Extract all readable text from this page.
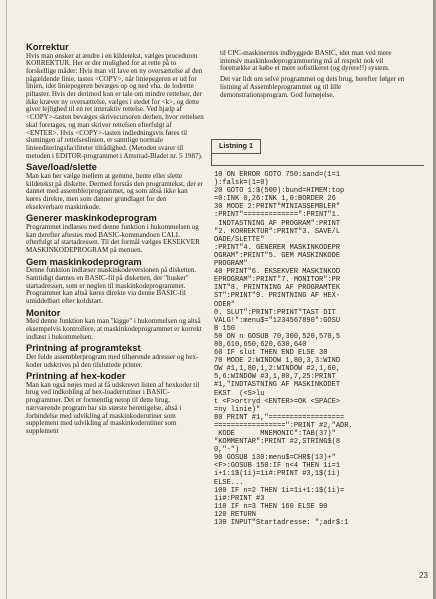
Korrektur

Hvis man ønsker at ændre i en kildetekst, vælges proceduren KORREKTUR. Her er der mulighed for at rette på to forskellige måder: Hvis man vil lave en ny oversættelse af den pågældende linie, tastes <COPY>, når liniepegeren er ud for linien, idet liniepegeren bevæges op og ned vha. de lodrette piltaster. Hvis der derimod kun er tale om mindre rettelser, der ikke kræver ny oversættelse, vælges i stedet for <k>, og dette giver lejlighed til en ret interaktiv rettelse. Ved hjælp af <COPY>-tasten bevæges skrivecursoren derhen, hvor rettelsen skal foretages, og man skriver rettelsen efterfulgt af <ENTER>. Hvis <COPY>-tasten indledningsvis føres til slutningen af rettelseslinien, er samtlige normale linieediteringsfaciliteter tilrådighed. (Metoden svarer til metoden i EDITOR-programmet i Amstrad-Bladet nr. 5 1987).

Save/load/slette

Man kan her vælge mellem at gemme, hente eller slette kildetekst på diskette. Dermed forstås den programtekst, der er dannet med assemblerprogrammet, og som altså ikke kan køres direkte, men som danner grundlaget for den eksekverbare maskinkode.

Generer maskinkodeprogram

Programmet indlæses med denne funktion i hukommelsen og kan derefter aftestes med BASIC-kommandoen CALL efterfulgt af startadressen. Til det formål vælges EKSEKVER MASKINKODEPROGRAM på menuen.

Gem maskinkodeprogram

Denne funktion indlæser maskinkodeversionen på disketten. Samtidigt dannes en BASIC-fil på disketten, der "husker" startadressen, som er nøglen til maskinkodeprogrammet. Programmet kan altså køres direkte via denne BASIC-fil umiddelbart efter koldstart.

Monitor

Med denne funktion kan man "kigge" i hukommelsen og altså eksempelvis kontrollere, at maskinkodeprogrammet er korrekt indlæst i hukommelsen.

Printning af programtekst

Det fulde assemblerprogram med tilhørende adresser og hex-koder udskrives på den tilsluttede printer.

Printning af hex-koder

Man kan også nøjes med at få udskrevet listen af hexkoder til brug ved indkobling af hex-loaderrutiner i BASIC-programmer. Det er formentlig netop til dette brug, nærværende program har sin største berettigelse, altså i forbindelse med udvikling af maskinkoderutiner som supplement med udvikling af maskinkoderutiner som supplement

til CPC-maskinernes indbyggede BASIC, idet man ved mere intensiv maskinkodeprogrammering må af respekt nok vil foretrække at købe et mere sofistikeret (og dyrere!!) system.

Det var lidt om selve programmet og dets brug, herefter følger en listning af Assembleprogrammet og til lille demonstrationsprogram. God fornøjelse.

Listning 1
10 ON ERROR GOTO 750:sand=(1=1
):falsk=(1=0)
20 GOTO 1:$(500):bund=HIMEM:top
=0:INK 0,26:INK 1,0:BORDER 26
30 MODE 2:PRINT"MINIASSEMBLER"
:PRINT"=============":PRINT"1.
INDTASTNING AF PROGRAM":PRINT
"2. KORREKTUR":PRINT"3. SAVE/L
OADE/SLETTE"
:PRINT"4. GENERER MASKINKODEPR
OGRAM":PRINT"5. GEM MASKINKODE
PROGRAM"
40 PRINT"6. EKSEKVER MASKINKOD
EPROGRAM":PRINT"7. MONITOR":PR
INT"8. PRINTNING AF PROGRAMTEK
ST":PRINT"9. PRINTNING AF HEX-
ODER"
0. SLUT":PRINT:PRINT"TAST DIT
VALG!":menu$="1234567890":GOSU
B 150
50 ON n GOSUB 70,300,520,570,5
80,610,650,620,630,640
60 IF slut THEN END ELSE 30
70 MODE 2:WINDOW 1,80,3,3:WIND
OW #1,1,80,1,2:WINDOW #2,1,60,
5,6:WINDOW #3,1,80,7,25:PRINT
#1,"INDTASTNING AF MASKINKODET
EKST  (<S>lu
t <F>ortryd <ENTER>=OK <SPACE>
=ny linie)"
80 PRINT #1,"==================
=================":PRINT #2,"ADR.
KODE      MNEMONIC":TAB(37)"
"KOMMENTAR":PRINT #2,STRING$(8
0,"-")
90 GOSUB 130:menu$=CHR$(13)+"
<F>:GOSUB 150:IF n<4 THEN 1i=1
i+1:1$(1i)=1i#:PRINT #3,1$(1i)
ELSE...
100 IF n=2 THEN 1i=1i+1:1$(1i)=
1i#:PRINT #3
110 IF n=3 THEN 160 ELSE 90
120 RETURN
130 INPUT"Startadresse: ";adr$:1
23
